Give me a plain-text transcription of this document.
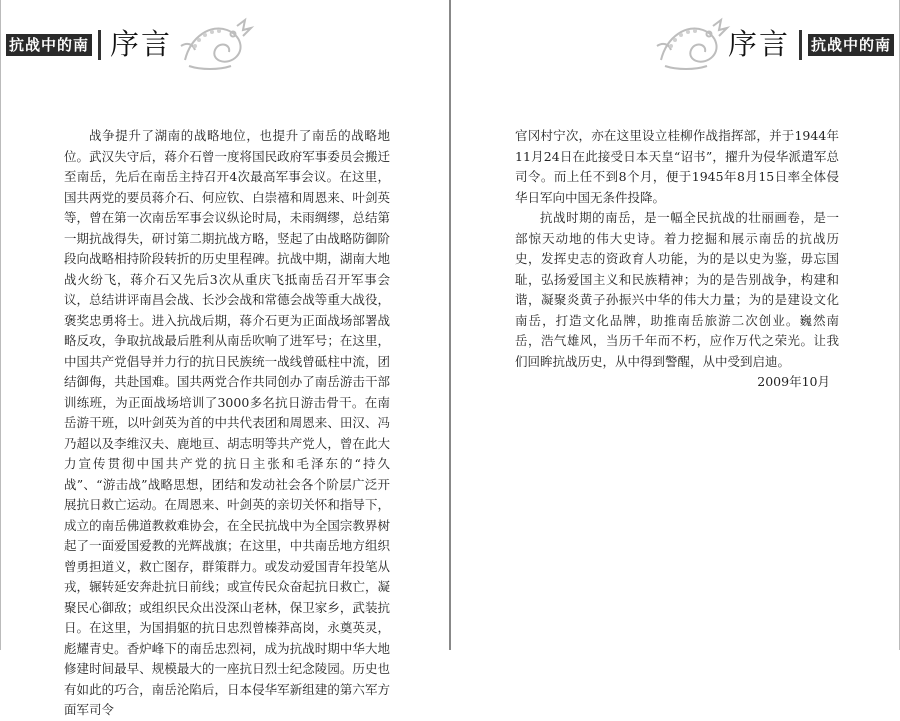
抗战中的南岳
序言

战争提升了湖南的战略地位，也提升了南岳的战略地位。武汉失守后，蒋介石曾一度将国民政府军事委员会搬迁至南岳，先后在南岳主持召开4次最高军事会议。在这里，国共两党的要员蒋介石、何应钦、白崇禧和周恩来、叶剑英等，曾在第一次南岳军事会议纵论时局，未雨绸缪，总结第一期抗战得失，研讨第二期抗战方略，竖起了由战略防御阶段向战略相持阶段转折的历史里程碑。抗战中期，湖南大地战火纷飞，蒋介石又先后3次从重庆飞抵南岳召开军事会议，总结讲评南昌会战、长沙会战和常德会战等重大战役，褒奖忠勇将士。进入抗战后期，蒋介石更为正面战场部署战略反攻，争取抗战最后胜利从南岳吹响了进军号；在这里，中国共产党倡导并力行的抗日民族统一战线曾砥柱中流，团结御侮，共赴国难。国共两党合作共同创办了南岳游击干部训练班，为正面战场培训了3000多名抗日游击骨干。在南岳游干班，以叶剑英为首的中共代表团和周恩来、田汉、冯乃超以及李维汉夫、鹿地亘、胡志明等共产党人，曾在此大力宣传贯彻中国共产党的抗日主张和毛泽东的“持久战”、“游击战”战略思想，团结和发动社会各个阶层广泛开展抗日救亡运动。在周恩来、叶剑英的亲切关怀和指导下，成立的南岳佛道教救难协会，在全民抗战中为全国宗教界树起了一面爱国爱教的光辉战旗；在这里，中共南岳地方组织曾勇担道义，救亡图存，群策群力。或发动爱国青年投笔从戎，辗转延安奔赴抗日前线；或宣传民众奋起抗日救亡，凝聚民心御敌；或组织民众出没深山老林，保卫家乡，武装抗日。在这里，为国捐躯的抗日忠烈曾榛莽高岗，永奠英灵，彪耀青史。香炉峰下的南岳忠烈祠，成为抗战时期中华大地修建时间最早、规模最大的一座抗日烈士纪念陵园。历史也有如此的巧合，南岳沦陷后，日本侵华军新组建的第六军方面军司令

序言 抗战中的南岳

官冈村宁次，亦在这里设立桂柳作战指挥部，并于1944年11月24日在此接受日本天皇“诏书”，擢升为侵华派遣军总司令。而上任不到8个月，便于1945年8月15日率全体侵华日军向中国无条件投降。

抗战时期的南岳，是一幅全民抗战的壮丽画卷，是一部惊天动地的伟大史诗。着力挖掘和展示南岳的抗战历史，发挥史志的资政育人功能，为的是以史为鉴，毋忘国耻，弘扬爱国主义和民族精神；为的是告别战争，构建和谐，凝聚炎黄子孙振兴中华的伟大力量；为的是建设文化南岳，打造文化品牌，助推南岳旅游二次创业。巍然南岳，浩气雄风，当历千年而不朽，应作万代之荣光。让我们回眸抗战历史，从中得到警醒，从中受到启迪。

2009年10月
